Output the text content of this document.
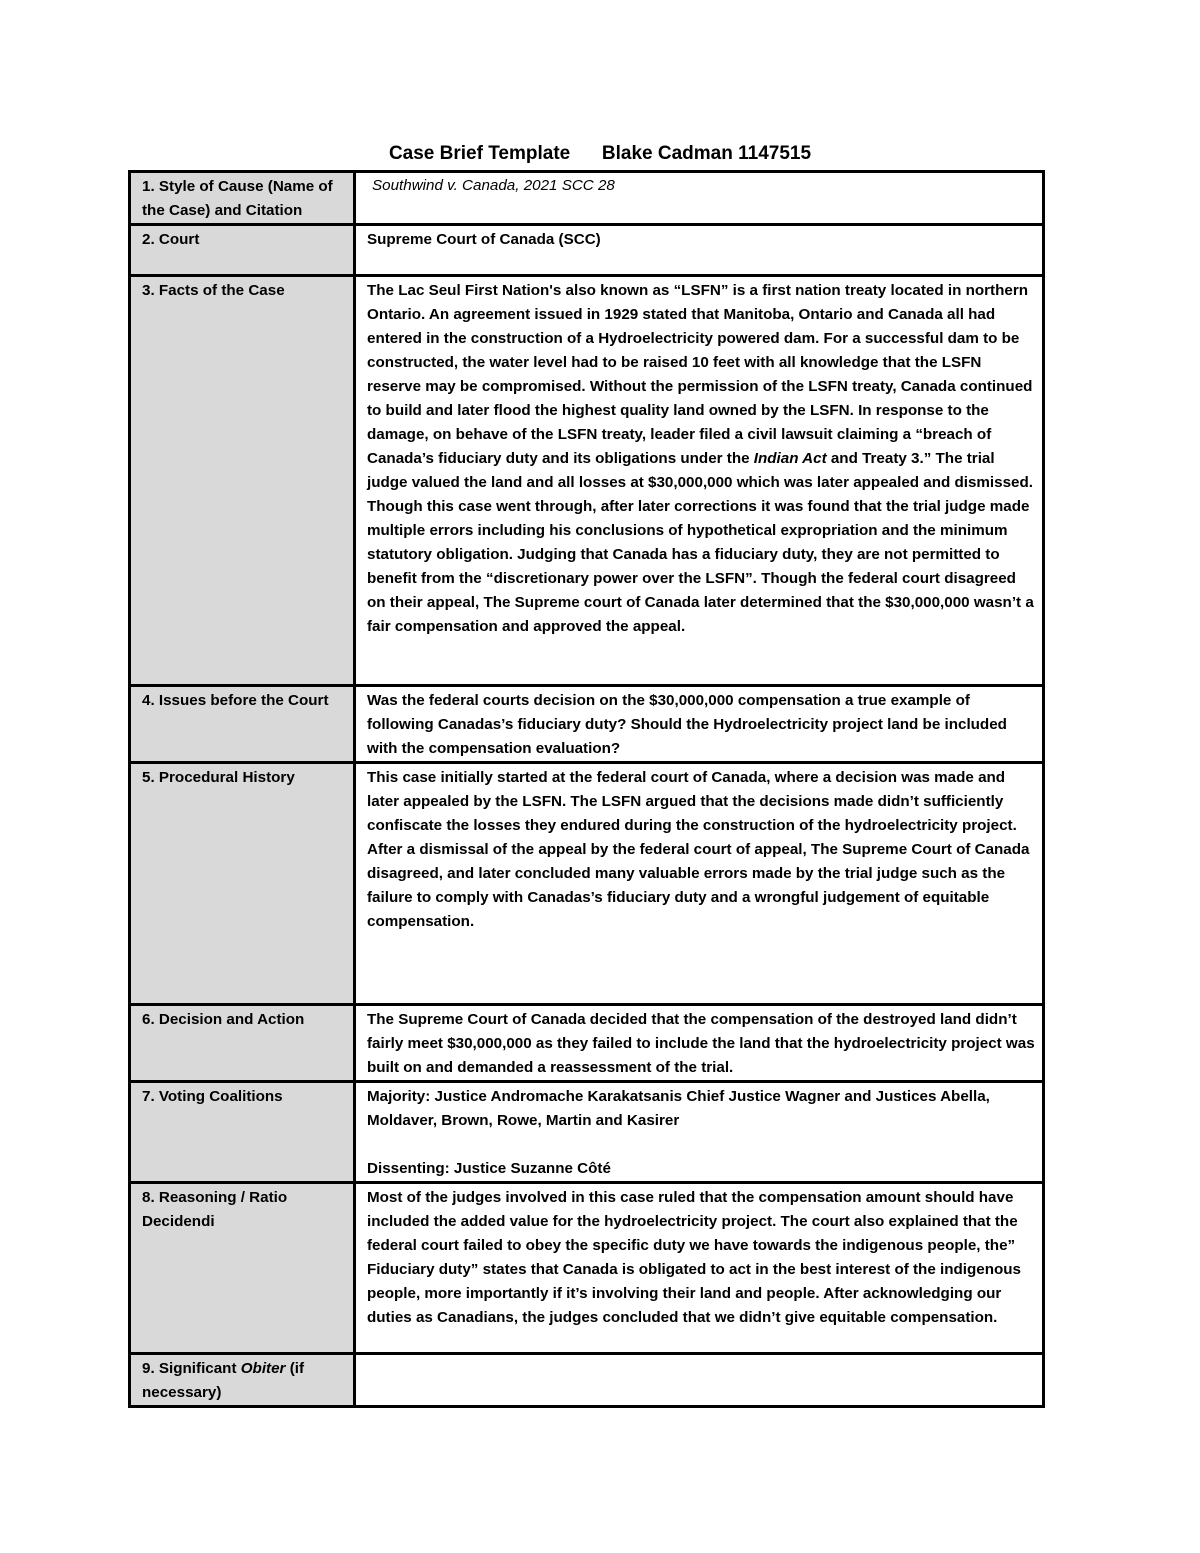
Case Brief Template Blake Cadman 1147515
1. Style of Cause (Name of the Case) and Citation	Southwind v. Canada, 2021 SCC 28

2. Court	Supreme Court of Canada (SCC)
3. Facts of the Case	The Lac Seul First Nation's also known as “LSFN” is a first nation treaty located in northern Ontario. An agreement issued in 1929 stated that Manitoba, Ontario and Canada all had entered in the construction of a Hydroelectricity powered dam. For a successful dam to be constructed, the water level had to be raised 10 feet with all knowledge that the LSFN reserve may be compromised. Without the permission of the LSFN treaty, Canada continued to build and later flood the highest quality land owned by the LSFN. In response to the damage, on behave of the LSFN treaty, leader filed a civil lawsuit claiming a “breach of Canada’s fiduciary duty and its obligations under the Indian Act and Treaty 3.” The trial judge valued the land and all losses at $30,000,000 which was later appealed and dismissed. Though this case went through, after later corrections it was found that the trial judge made multiple errors including his conclusions of hypothetical expropriation and the minimum statutory obligation. Judging that Canada has a fiduciary duty, they are not permitted to benefit from the “discretionary power over the LSFN”. Though the federal court disagreed on their appeal, The Supreme court of Canada later determined that the $30,000,000 wasn’t a fair compensation and approved the appeal.
4. Issues before the Court	Was the federal courts decision on the $30,000,000 compensation a true example of following Canadas’s fiduciary duty? Should the Hydroelectricity project land be included with the compensation evaluation?
5. Procedural History	This case initially started at the federal court of Canada, where a decision was made and later appealed by the LSFN. The LSFN argued that the decisions made didn’t sufficiently confiscate the losses they endured during the construction of the hydroelectricity project. After a dismissal of the appeal by the federal court of appeal, The Supreme Court of Canada disagreed, and later concluded many valuable errors made by the trial judge such as the failure to comply with Canadas’s fiduciary duty and a wrongful judgement of equitable compensation.
6. Decision and Action	The Supreme Court of Canada decided that the compensation of the destroyed land didn’t fairly meet $30,000,000 as they failed to include the land that the hydroelectricity project was built on and demanded a reassessment of the trial.
7. Voting Coalitions	Majority: Justice Andromache Karakatsanis Chief Justice Wagner and Justices Abella, Moldaver, Brown, Rowe, Martin and Kasirer
Dissenting: Justice Suzanne Côté

8. Reasoning / Ratio Decidendi	Most of the judges involved in this case ruled that the compensation amount should have included the added value for the hydroelectricity project. The court also explained that the federal court failed to obey the specific duty we have towards the indigenous people, the” Fiduciary duty” states that Canada is obligated to act in the best interest of the indigenous people, more importantly if it’s involving their land and people. After acknowledging our duties as Canadians, the judges concluded that we didn’t give equitable compensation.
9. Significant Obiter (if necessary)	
